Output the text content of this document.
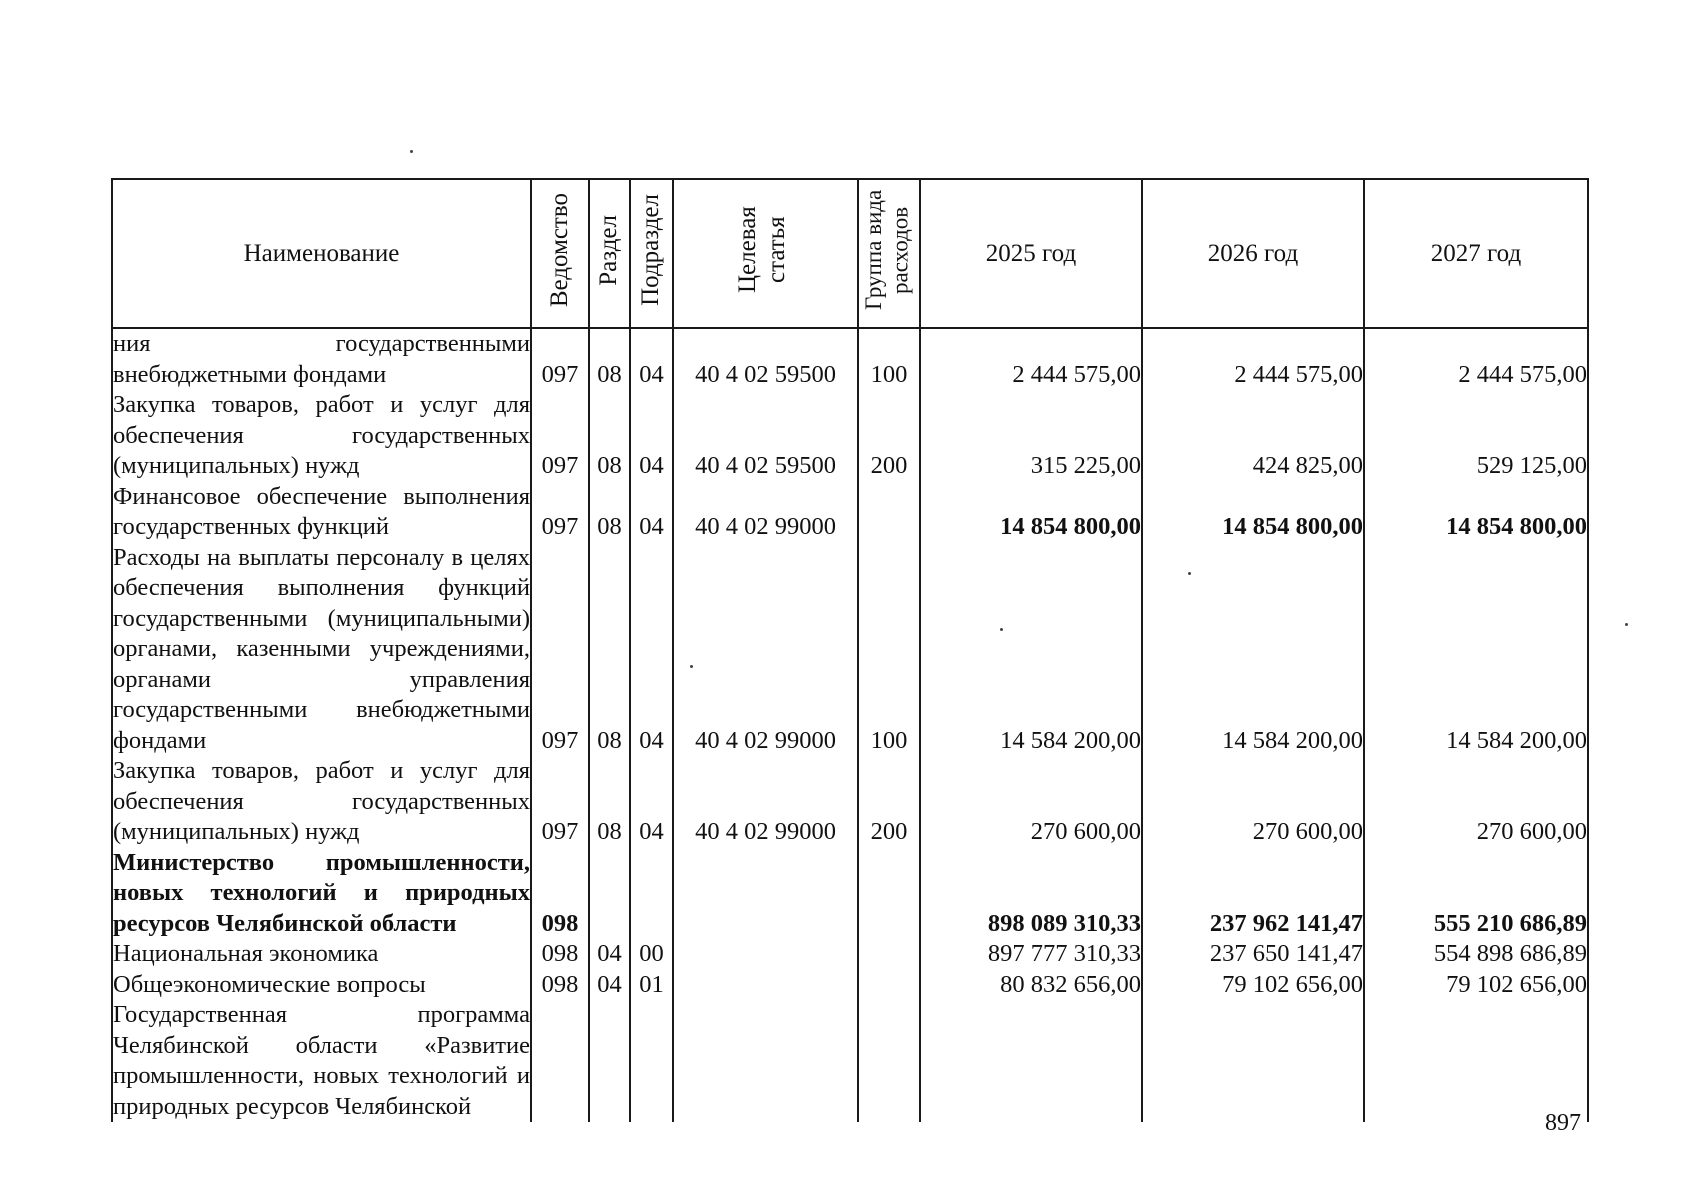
Наименование	Ведомство	Раздел	Подраздел	Целевая статья	Группа вида расходов	2025 год	2026 год	2027 год
ния государственными внебюджетными фондами	097	08	04	40 4 02 59500	100	2 444 575,00	2 444 575,00	2 444 575,00
Закупка товаров, работ и услуг для обеспечения государственных (муниципальных) нужд	097	08	04	40 4 02 59500	200	315 225,00	424 825,00	529 125,00
Финансовое обеспечение выполнения государственных функций	097	08	04	40 4 02 99000		14 854 800,00	14 854 800,00	14 854 800,00
Расходы на выплаты персоналу в целях обеспечения выполнения функций государственными (муниципальными) органами, казенными учреждениями, органами управления государственными внебюджетными фондами	097	08	04	40 4 02 99000	100	14 584 200,00	14 584 200,00	14 584 200,00
Закупка товаров, работ и услуг для обеспечения государственных (муниципальных) нужд	097	08	04	40 4 02 99000	200	270 600,00	270 600,00	270 600,00
Министерство промышленности, новых технологий и природных ресурсов Челябинской области	098					898 089 310,33	237 962 141,47	555 210 686,89
Национальная экономика	098	04	00			897 777 310,33	237 650 141,47	554 898 686,89
Общеэкономические вопросы	098	04	01			80 832 656,00	79 102 656,00	79 102 656,00
Государственная программа Челябинской области «Развитие промышленности, новых технологий и природных ресурсов Челябинской								
897
